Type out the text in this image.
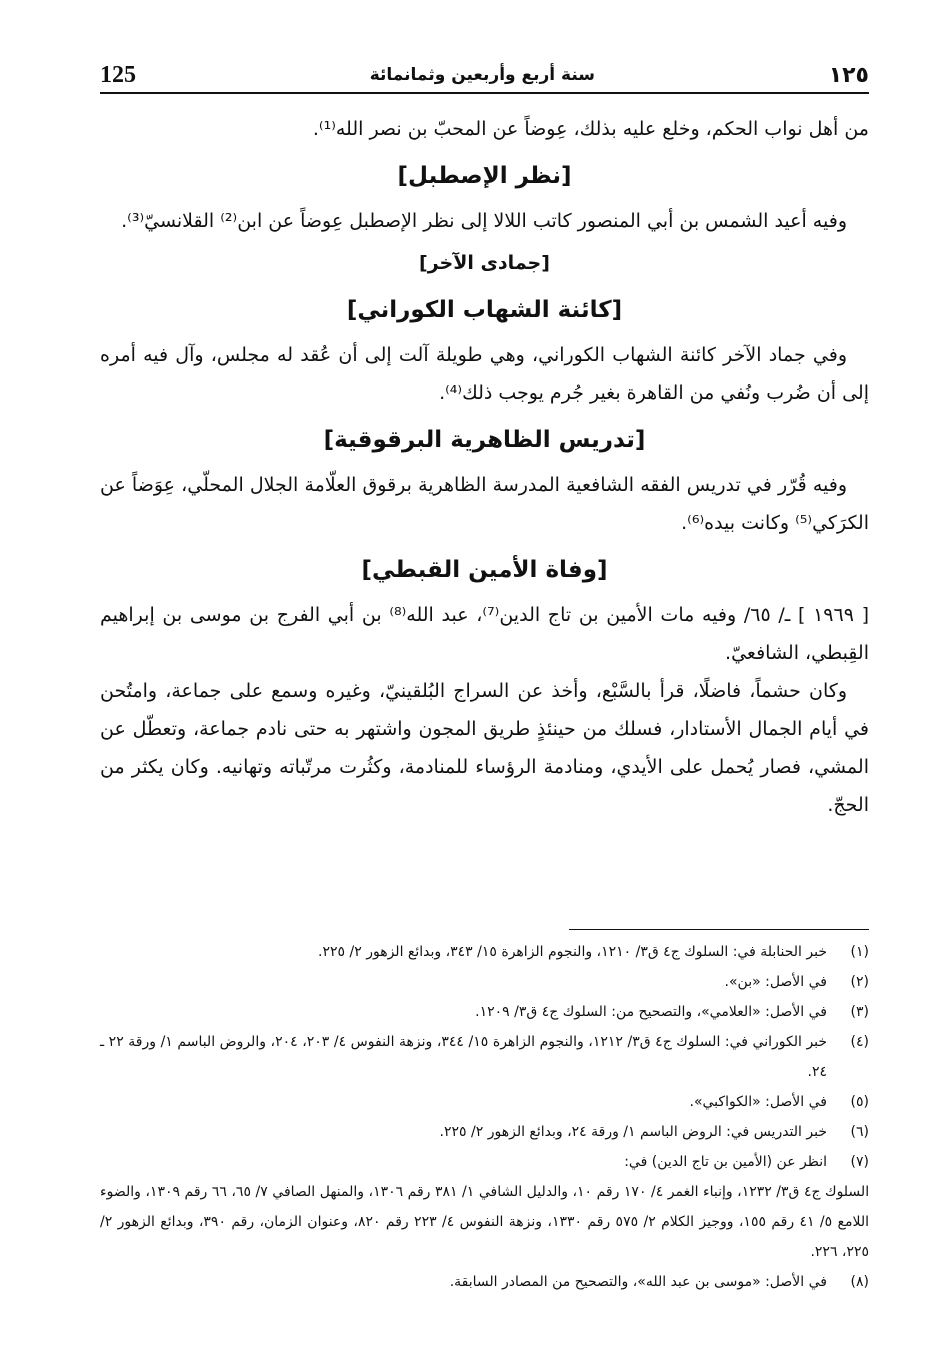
125	سنة أربع وأربعين وثمانمائة	١٢٥

من أهل نواب الحكم، وخلع عليه بذلك، عِوضاً عن المحبّ بن نصر الله⁽¹⁾.

[نظر الإصطبل]

وفيه أعيد الشمس بن أبي المنصور كاتب اللالا إلى نظر الإصطبل عِوضاً عن ابن⁽²⁾ القلانسيّ⁽³⁾.

[جمادى الآخر]
[كائنة الشهاب الكوراني]

وفي جماد الآخر كائنة الشهاب الكوراني، وهي طويلة آلت إلى أن عُقد له مجلس، وآل فيه أمره إلى أن ضُرب ونُفي من القاهرة بغير جُرم يوجب ذلك⁽⁴⁾.

[تدريس الظاهرية البرقوقية]

وفيه قُرّر في تدريس الفقه الشافعية المدرسة الظاهرية برقوق العلّامة الجلال المحلّي، عِوَضاً عن الكرَكي⁽⁵⁾ وكانت بيده⁽⁶⁾.

[وفاة الأمين القبطي]

[ ١٩٦٩ ] ـ/ ٦٥/ وفيه مات الأمين بن تاج الدين⁽⁷⁾، عبد الله⁽⁸⁾ بن أبي الفرج بن موسى بن إبراهيم القِبطي، الشافعيّ.

وكان حشماً، فاضلًا، قرأ بالسَّبْع، وأخذ عن السراج البُلقينيّ، وغيره وسمع على جماعة، وامتُحن في أيام الجمال الأستادار، فسلك من حينئذٍ طريق المجون واشتهر به حتى نادم جماعة، وتعطّل عن المشي، فصار يُحمل على الأيدي، ومنادمة الرؤساء للمنادمة، وكثُرت مرتّباته وتهانيه. وكان يكثر من الحجّ.

(١)
خبر الحنابلة في: السلوك ج٤ ق٣/ ١٢١٠، والنجوم الزاهرة ١٥/ ٣٤٣، وبدائع الزهور ٢/ ٢٢٥.
(٢)
في الأصل: «بن».
(٣)
في الأصل: «العلامي»، والتصحيح من: السلوك ج٤ ق٣/ ١٢٠٩.
(٤)
خبر الكوراني في: السلوك ج٤ ق٣/ ١٢١٢، والنجوم الزاهرة ١٥/ ٣٤٤، ونزهة النفوس ٤/ ٢٠٣، ٢٠٤، والروض الباسم ١/ ورقة ٢٢ ـ ٢٤.
(٥)
في الأصل: «الكواكبي».
(٦)
خبر التدريس في: الروض الباسم ١/ ورقة ٢٤، وبدائع الزهور ٢/ ٢٢٥.
(٧)
انظر عن (الأمين بن تاج الدين) في:
السلوك ج٤ ق٣/ ١٢٣٢، وإنباء الغمر ٤/ ١٧٠ رقم ١٠، والدليل الشافي ١/ ٣٨١ رقم ١٣٠٦، والمنهل الصافي ٧/ ٦٥، ٦٦ رقم ١٣٠٩، والضوء اللامع ٥/ ٤١ رقم ١٥٥، ووجيز الكلام ٢/ ٥٧٥ رقم ١٣٣٠، ونزهة النفوس ٤/ ٢٢٣ رقم ٨٢٠، وعنوان الزمان، رقم ٣٩٠، وبدائع الزهور ٢/ ٢٢٥، ٢٢٦.
(٨)
في الأصل: «موسى بن عبد الله»، والتصحيح من المصادر السابقة.
